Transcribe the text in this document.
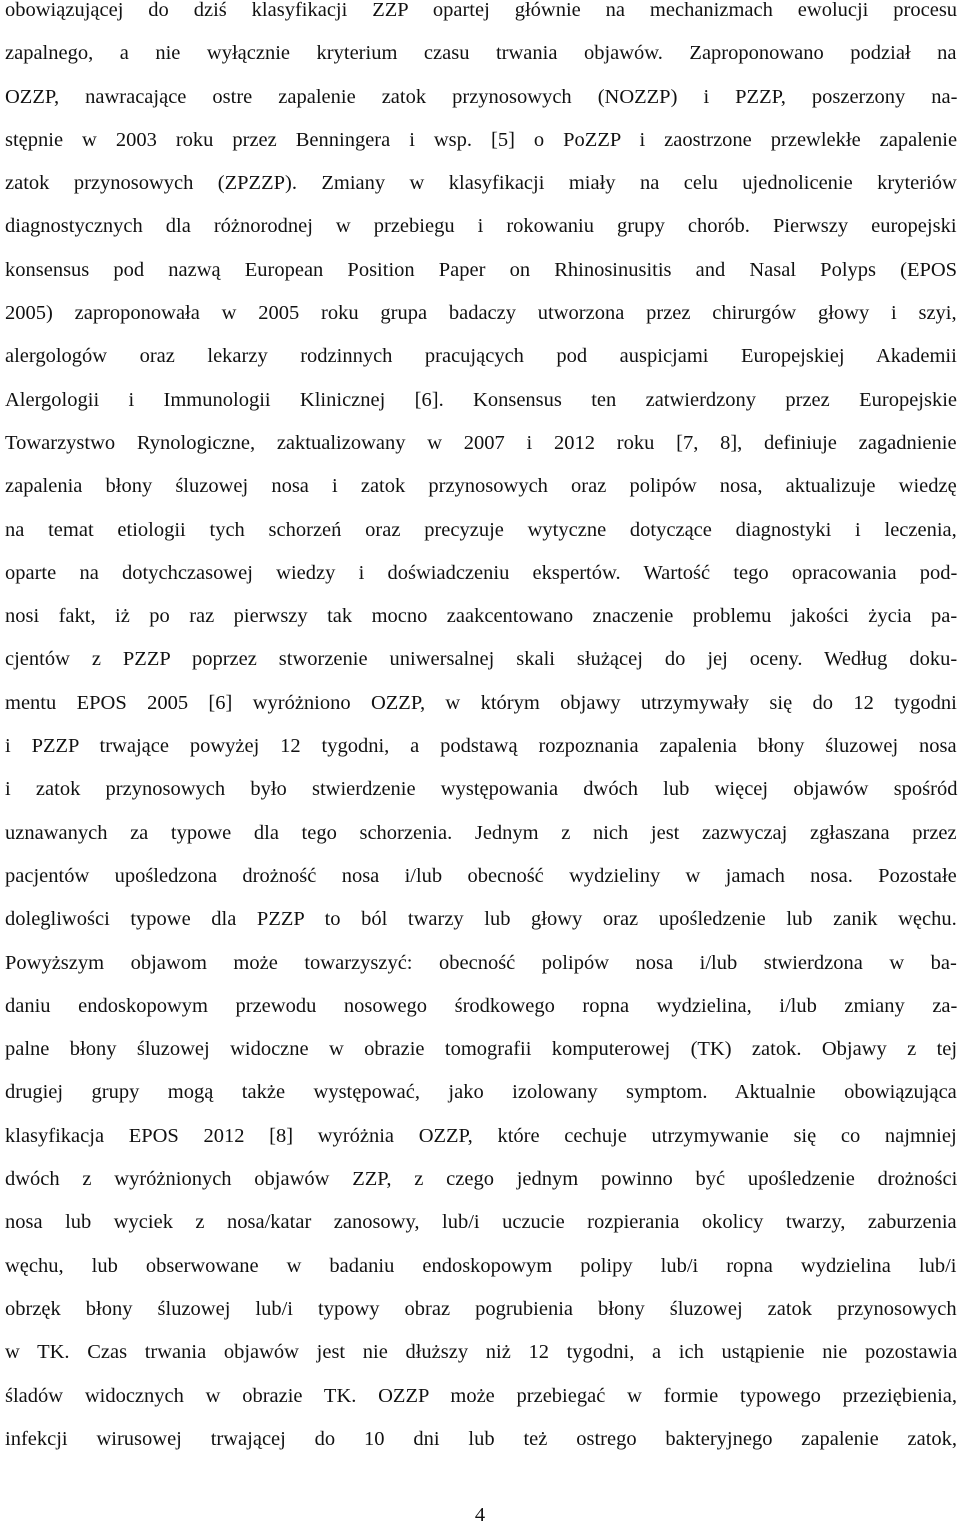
obowiązującej do dziś klasyfikacji ZZP opartej głównie na mechanizmach ewolucji procesu
zapalnego, a nie wyłącznie kryterium czasu trwania objawów. Zaproponowano podział na
OZZP, nawracające ostre zapalenie zatok przynosowych (NOZZP) i PZZP, poszerzony na-
stępnie w 2003 roku przez Benningera i wsp. [5] o PoZZP i zaostrzone przewlekłe zapalenie
zatok przynosowych (ZPZZP). Zmiany w klasyfikacji miały na celu ujednolicenie kryteriów
diagnostycznych dla różnorodnej w przebiegu i rokowaniu grupy chorób. Pierwszy europejski
konsensus pod nazwą European Position Paper on Rhinosinusitis and Nasal Polyps (EPOS
2005) zaproponowała w 2005 roku grupa badaczy utworzona przez chirurgów głowy i szyi,
alergologów oraz lekarzy rodzinnych pracujących pod auspicjami Europejskiej Akademii
Alergologii i Immunologii Klinicznej [6]. Konsensus ten zatwierdzony przez Europejskie
Towarzystwo Rynologiczne, zaktualizowany w 2007 i 2012 roku [7, 8], definiuje zagadnienie
zapalenia błony śluzowej nosa i zatok przynosowych oraz polipów nosa, aktualizuje wiedzę
na temat etiologii tych schorzeń oraz precyzuje wytyczne dotyczące diagnostyki i leczenia,
oparte na dotychczasowej wiedzy i doświadczeniu ekspertów. Wartość tego opracowania pod-
nosi fakt, iż po raz pierwszy tak mocno zaakcentowano znaczenie problemu jakości życia pa-
cjentów z PZZP poprzez stworzenie uniwersalnej skali służącej do jej oceny. Według doku-
mentu EPOS 2005 [6] wyróżniono OZZP, w którym objawy utrzymywały się do 12 tygodni
i PZZP trwające powyżej 12 tygodni, a podstawą rozpoznania zapalenia błony śluzowej nosa
i zatok przynosowych było stwierdzenie występowania dwóch lub więcej objawów spośród
uznawanych za typowe dla tego schorzenia. Jednym z nich jest zazwyczaj zgłaszana przez
pacjentów upośledzona drożność nosa i/lub obecność wydzieliny w jamach nosa. Pozostałe
dolegliwości typowe dla PZZP to ból twarzy lub głowy oraz upośledzenie lub zanik węchu.
Powyższym objawom może towarzyszyć: obecność polipów nosa i/lub stwierdzona w ba-
daniu endoskopowym przewodu nosowego środkowego ropna wydzielina, i/lub zmiany za-
palne błony śluzowej widoczne w obrazie tomografii komputerowej (TK) zatok. Objawy z tej
drugiej grupy mogą także występować, jako izolowany symptom. Aktualnie obowiązująca
klasyfikacja EPOS 2012 [8] wyróżnia OZZP, które cechuje utrzymywanie się co najmniej
dwóch z wyróżnionych objawów ZZP, z czego jednym powinno być upośledzenie drożności
nosa lub wyciek z nosa/katar zanosowy, lub/i uczucie rozpierania okolicy twarzy, zaburzenia
węchu, lub obserwowane w badaniu endoskopowym polipy lub/i ropna wydzielina lub/i
obrzęk błony śluzowej lub/i typowy obraz pogrubienia błony śluzowej zatok przynosowych
w TK. Czas trwania objawów jest nie dłuższy niż 12 tygodni, a ich ustąpienie nie pozostawia
śladów widocznych w obrazie TK. OZZP może przebiegać w formie typowego przeziębienia,
infekcji wirusowej trwającej do 10 dni lub też ostrego bakteryjnego zapalenie zatok,
4
